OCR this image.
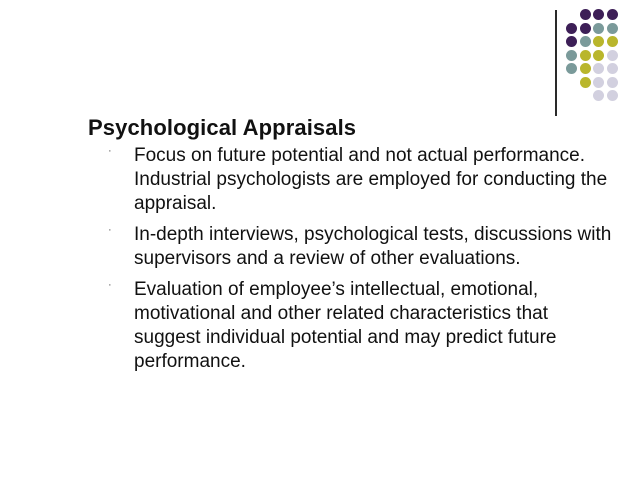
Psychological Appraisals
· Focus on future potential and not actual performance. Industrial psychologists are employed for conducting the appraisal.
· In-depth interviews, psychological tests, discussions with supervisors and a review of other evaluations.
· Evaluation of employee’s intellectual, emotional, motivational and other related characteristics that suggest individual potential and may predict future performance.
